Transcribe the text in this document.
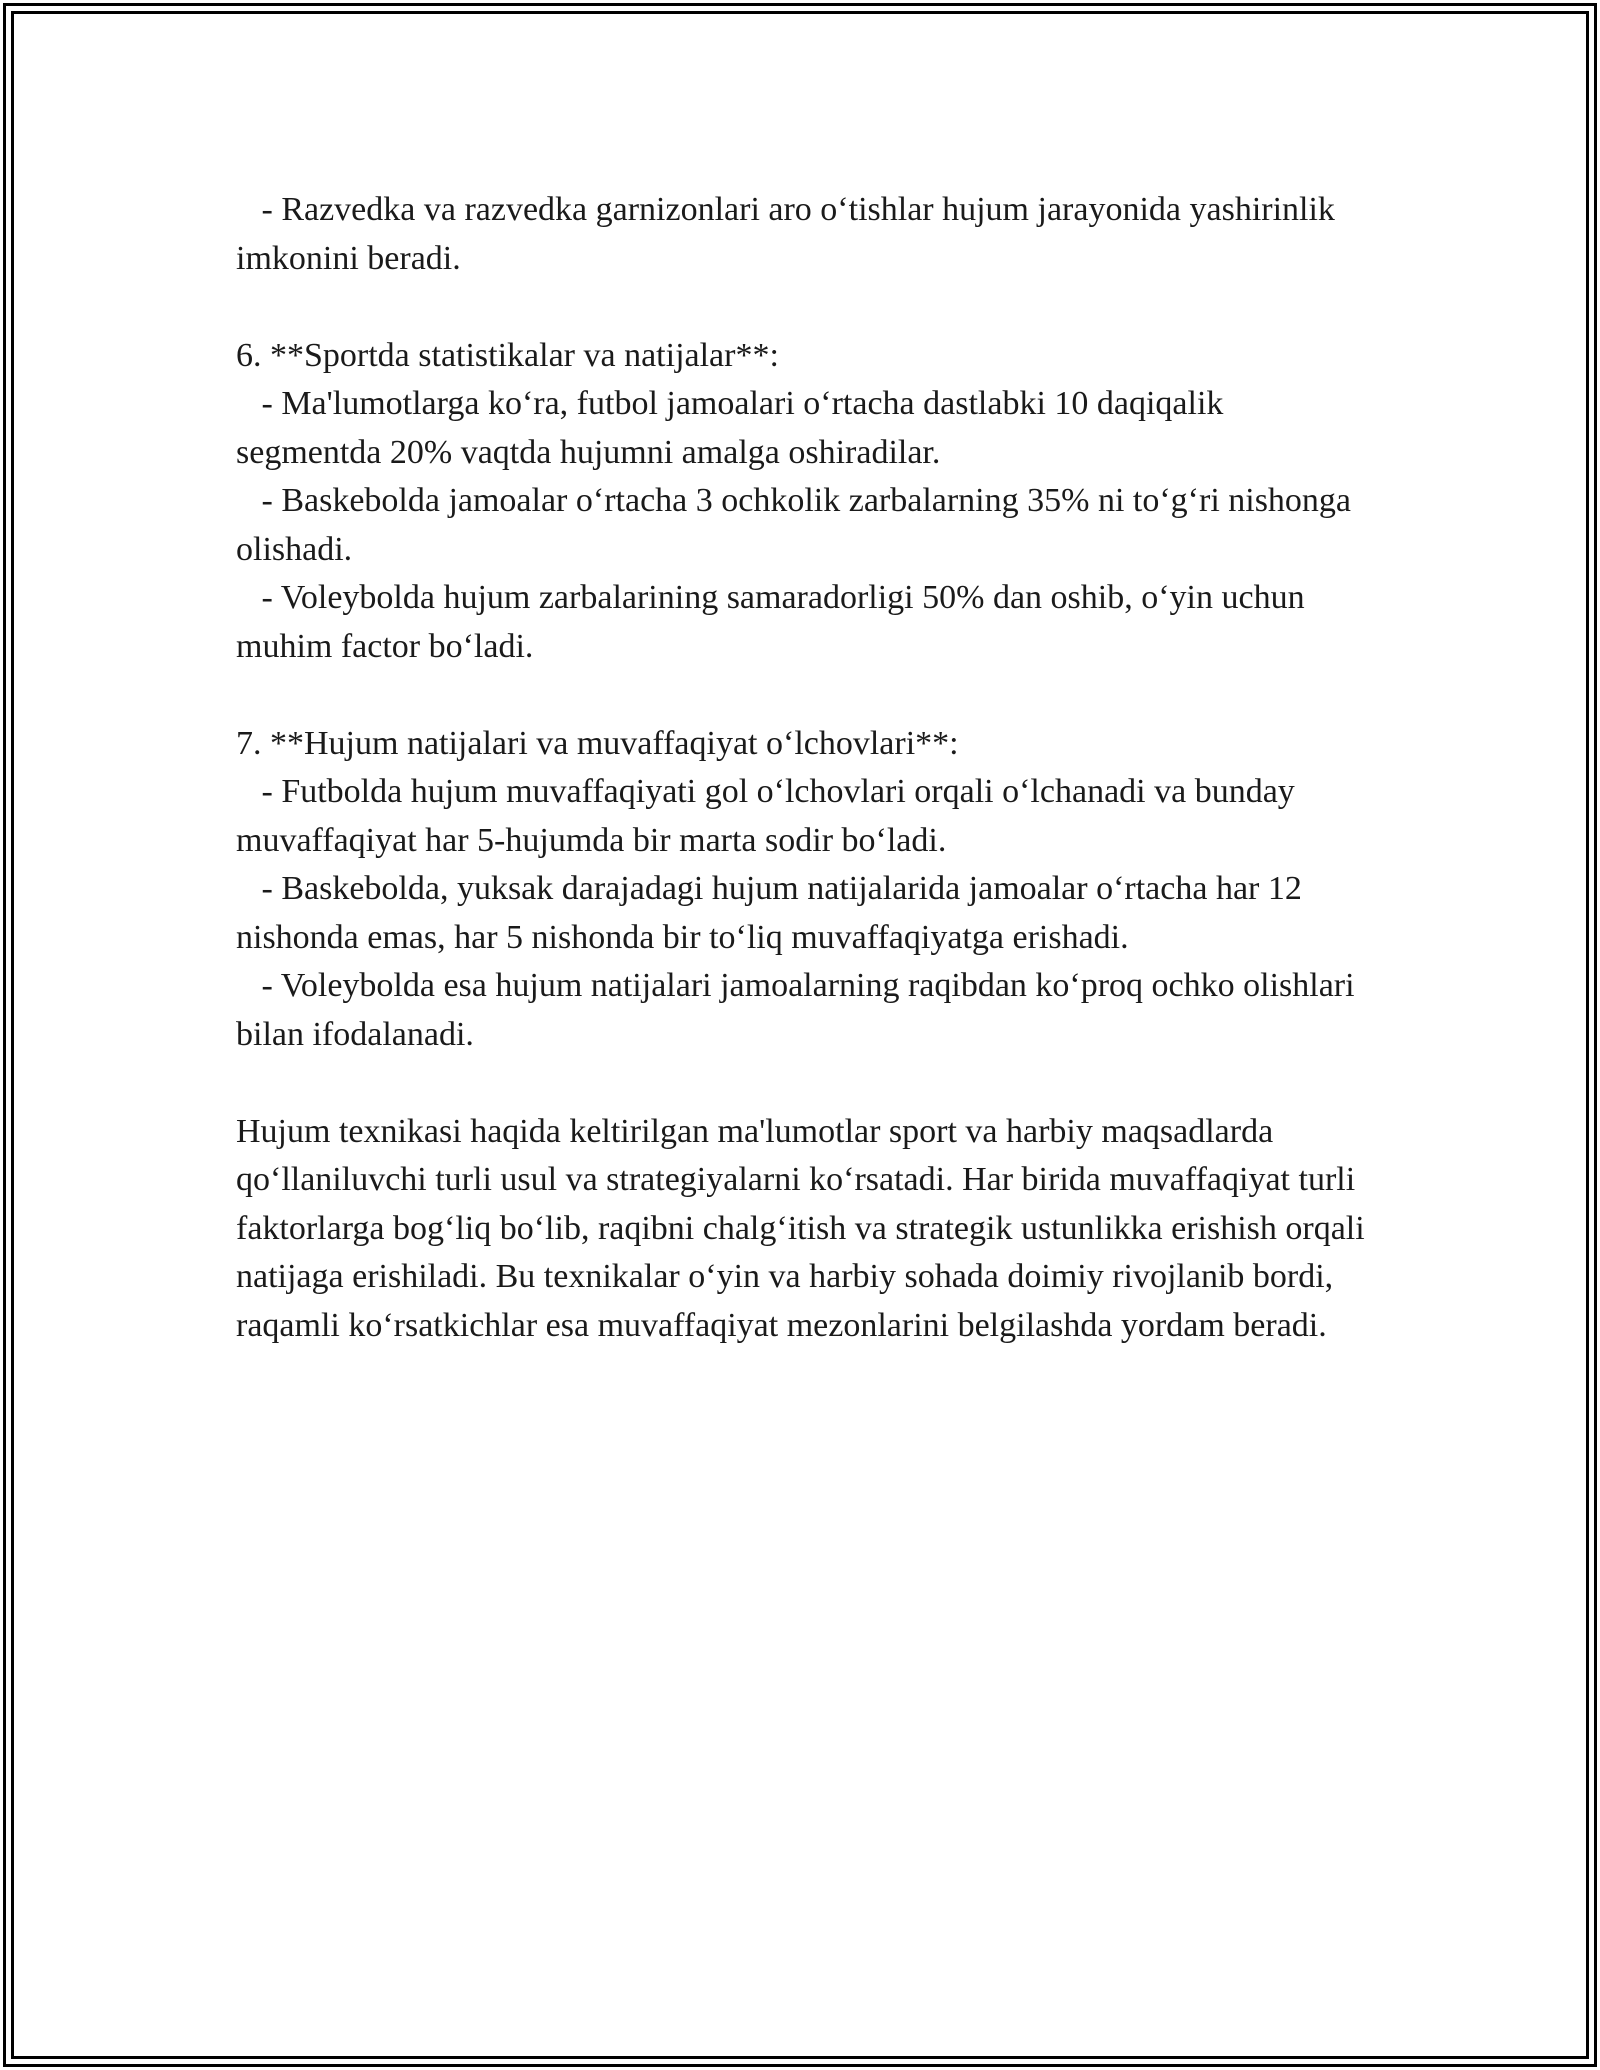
- Razvedka va razvedka garnizonlari aro o‘tishlar hujum jarayonida yashirinlik imkonini beradi.

6. **Sportda statistikalar va natijalar**:

- Ma'lumotlarga ko‘ra, futbol jamoalari o‘rtacha dastlabki 10 daqiqalik segmentda 20% vaqtda hujumni amalga oshiradilar.

- Baskebolda jamoalar o‘rtacha 3 ochkolik zarbalarning 35% ni to‘g‘ri nishonga olishadi.

- Voleybolda hujum zarbalarining samaradorligi 50% dan oshib, o‘yin uchun muhim factor bo‘ladi.

7. **Hujum natijalari va muvaffaqiyat o‘lchovlari**:

- Futbolda hujum muvaffaqiyati gol o‘lchovlari orqali o‘lchanadi va bunday muvaffaqiyat har 5-hujumda bir marta sodir bo‘ladi.

- Baskebolda, yuksak darajadagi hujum natijalarida jamoalar o‘rtacha har 12 nishonda emas, har 5 nishonda bir to‘liq muvaffaqiyatga erishadi.

- Voleybolda esa hujum natijalari jamoalarning raqibdan ko‘proq ochko olishlari bilan ifodalanadi.

Hujum texnikasi haqida keltirilgan ma'lumotlar sport va harbiy maqsadlarda qo‘llaniluvchi turli usul va strategiyalarni ko‘rsatadi. Har birida muvaffaqiyat turli faktorlarga bog‘liq bo‘lib, raqibni chalg‘itish va strategik ustunlikka erishish orqali natijaga erishiladi. Bu texnikalar o‘yin va harbiy sohada doimiy rivojlanib bordi, raqamli ko‘rsatkichlar esa muvaffaqiyat mezonlarini belgilashda yordam beradi.
